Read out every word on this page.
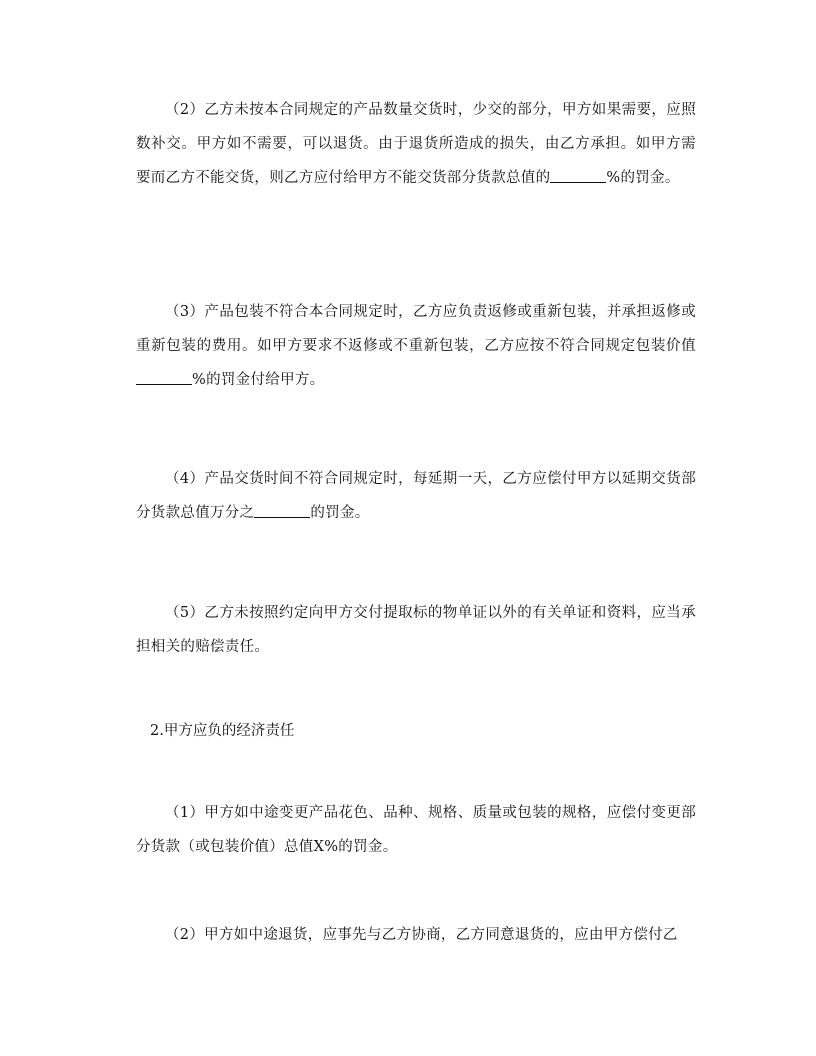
（2）乙方未按本合同规定的产品数量交货时，少交的部分，甲方如果需要，应照数补交。甲方如不需要，可以退货。由于退货所造成的损失，由乙方承担。如甲方需要而乙方不能交货，则乙方应付给甲方不能交货部分货款总值的	%的罚金。

（3）产品包装不符合本合同规定时，乙方应负责返修或重新包装，并承担返修或重新包装的费用。如甲方要求不返修或不重新包装，乙方应按不符合同规定包装价值%的罚金付给甲方。

（4）产品交货时间不符合同规定时，每延期一天，乙方应偿付甲方以延期交货部分货款总值万分之	的罚金。

（5）乙方未按照约定向甲方交付提取标的物单证以外的有关单证和资料，应当承担相关的赔偿责任。

2.甲方应负的经济责任

（1）甲方如中途变更产品花色、品种、规格、质量或包装的规格，应偿付变更部分货款（或包装价值）总值X%的罚金。

（2）甲方如中途退货，应事先与乙方协商，乙方同意退货的，应由甲方偿付乙
